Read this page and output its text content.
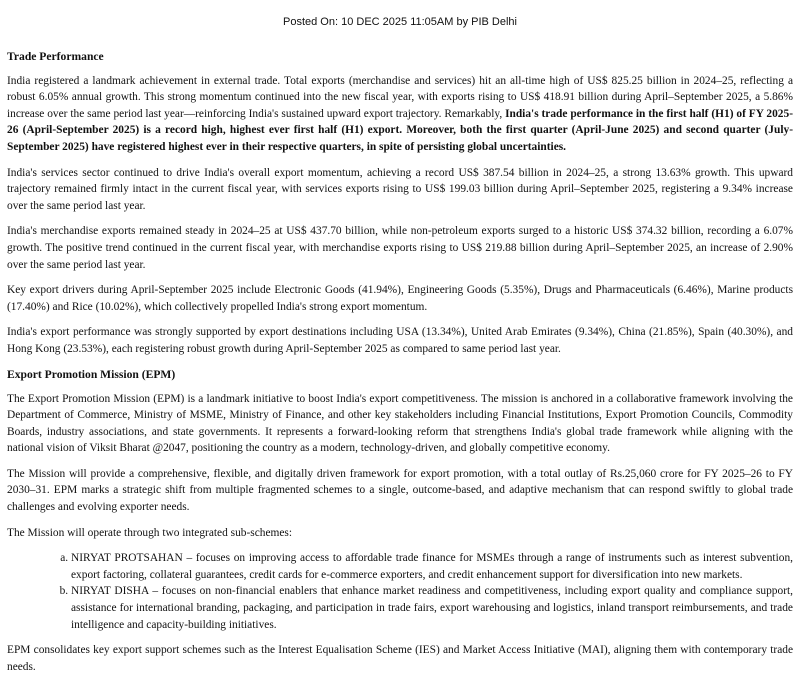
Posted On: 10 DEC 2025 11:05AM by PIB Delhi
Trade Performance

India registered a landmark achievement in external trade. Total exports (merchandise and services) hit an all-time high of US$ 825.25 billion in 2024–25, reflecting a robust 6.05% annual growth. This strong momentum continued into the new fiscal year, with exports rising to US$ 418.91 billion during April–September 2025, a 5.86% increase over the same period last year—reinforcing India's sustained upward export trajectory. Remarkably, India's trade performance in the first half (H1) of FY 2025-26 (April-September 2025) is a record high, highest ever first half (H1) export. Moreover, both the first quarter (April-June 2025) and second quarter (July-September 2025) have registered highest ever in their respective quarters, in spite of persisting global uncertainties.

India's services sector continued to drive India's overall export momentum, achieving a record US$ 387.54 billion in 2024–25, a strong 13.63% growth. This upward trajectory remained firmly intact in the current fiscal year, with services exports rising to US$ 199.03 billion during April–September 2025, registering a 9.34% increase over the same period last year.

India's merchandise exports remained steady in 2024–25 at US$ 437.70 billion, while non-petroleum exports surged to a historic US$ 374.32 billion, recording a 6.07% growth. The positive trend continued in the current fiscal year, with merchandise exports rising to US$ 219.88 billion during April–September 2025, an increase of 2.90% over the same period last year.

Key export drivers during April-September 2025 include Electronic Goods (41.94%), Engineering Goods (5.35%), Drugs and Pharmaceuticals (6.46%), Marine products (17.40%) and Rice (10.02%), which collectively propelled India's strong export momentum.

India's export performance was strongly supported by export destinations including USA (13.34%), United Arab Emirates (9.34%), China (21.85%), Spain (40.30%), and Hong Kong (23.53%), each registering robust growth during April-September 2025 as compared to same period last year.

Export Promotion Mission (EPM)

The Export Promotion Mission (EPM) is a landmark initiative to boost India's export competitiveness. The mission is anchored in a collaborative framework involving the Department of Commerce, Ministry of MSME, Ministry of Finance, and other key stakeholders including Financial Institutions, Export Promotion Councils, Commodity Boards, industry associations, and state governments. It represents a forward-looking reform that strengthens India's global trade framework while aligning with the national vision of Viksit Bharat @2047, positioning the country as a modern, technology-driven, and globally competitive economy.

The Mission will provide a comprehensive, flexible, and digitally driven framework for export promotion, with a total outlay of Rs.25,060 crore for FY 2025–26 to FY 2030–31. EPM marks a strategic shift from multiple fragmented schemes to a single, outcome-based, and adaptive mechanism that can respond swiftly to global trade challenges and evolving exporter needs.

The Mission will operate through two integrated sub-schemes:

a. NIRYAT PROTSAHAN – focuses on improving access to affordable trade finance for MSMEs through a range of instruments such as interest subvention, export factoring, collateral guarantees, credit cards for e-commerce exporters, and credit enhancement support for diversification into new markets.
b. NIRYAT DISHA – focuses on non-financial enablers that enhance market readiness and competitiveness, including export quality and compliance support, assistance for international branding, packaging, and participation in trade fairs, export warehousing and logistics, inland transport reimbursements, and trade intelligence and capacity-building initiatives.

EPM consolidates key export support schemes such as the Interest Equalisation Scheme (IES) and Market Access Initiative (MAI), aligning them with contemporary trade needs.
